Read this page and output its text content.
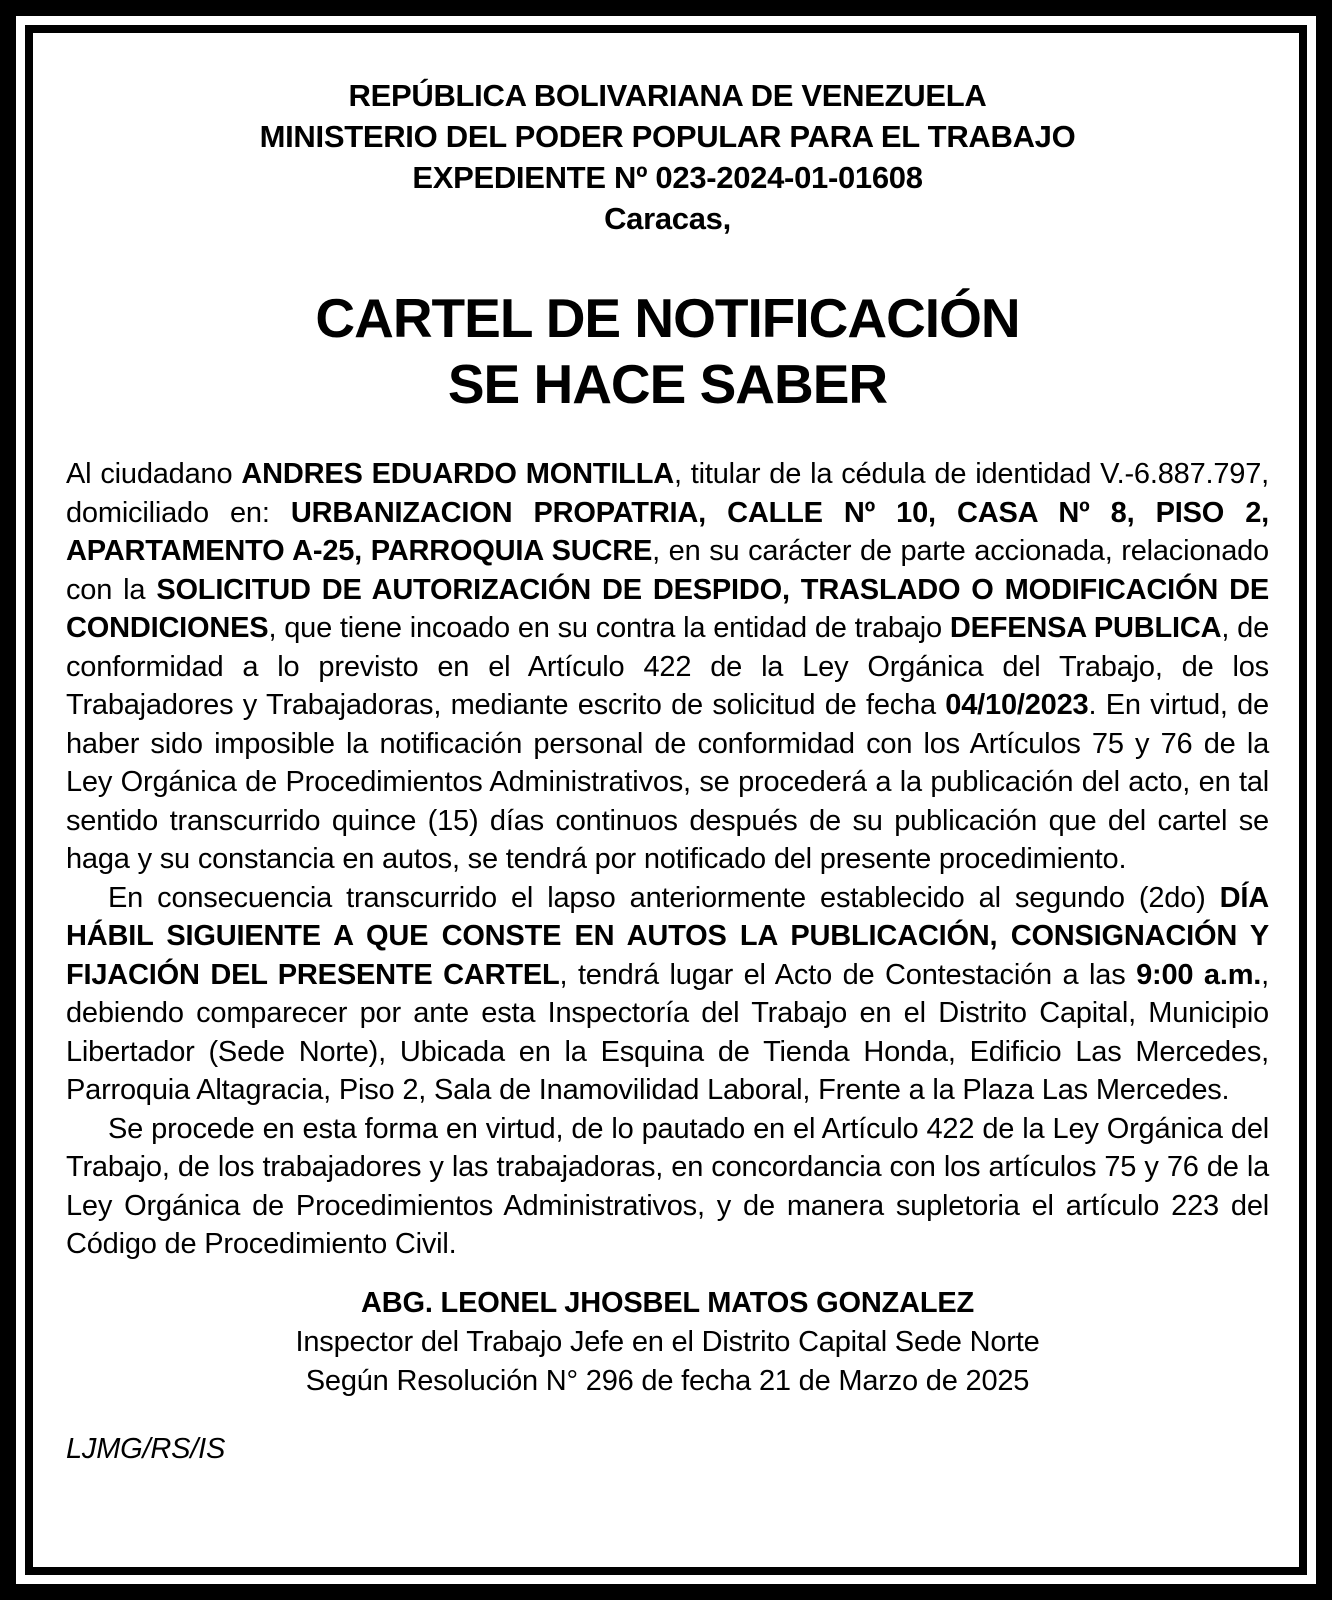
REPÚBLICA BOLIVARIANA DE VENEZUELA
MINISTERIO DEL PODER POPULAR PARA EL TRABAJO
EXPEDIENTE Nº 023-2024-01-01608
Caracas,
CARTEL DE NOTIFICACIÓN
SE HACE SABER

Al ciudadano ANDRES EDUARDO MONTILLA, titular de la cédula de identidad V.-6.887.797, domiciliado en: URBANIZACION PROPATRIA, CALLE Nº 10, CASA Nº 8, PISO 2, APARTAMENTO A-25, PARROQUIA SUCRE, en su carácter de parte accionada, relacionado con la SOLICITUD DE AUTORIZACIÓN DE DESPIDO, TRASLADO O MODIFICACIÓN DE CONDICIONES, que tiene incoado en su contra la entidad de trabajo DEFENSA PUBLICA, de conformidad a lo previsto en el Artículo 422 de la Ley Orgánica del Trabajo, de los Trabajadores y Trabajadoras, mediante escrito de solicitud de fecha 04/10/2023. En virtud, de haber sido imposible la notificación personal de conformidad con los Artículos 75 y 76 de la Ley Orgánica de Procedimientos Administrativos, se procederá a la publicación del acto, en tal sentido transcurrido quince (15) días continuos después de su publicación que del cartel se haga y su constancia en autos, se tendrá por notificado del presente procedimiento.

En consecuencia transcurrido el lapso anteriormente establecido al segundo (2do) DÍA HÁBIL SIGUIENTE A QUE CONSTE EN AUTOS LA PUBLICACIÓN, CONSIGNACIÓN Y FIJACIÓN DEL PRESENTE CARTEL, tendrá lugar el Acto de Contestación a las 9:00 a.m., debiendo comparecer por ante esta Inspectoría del Trabajo en el Distrito Capital, Municipio Libertador (Sede Norte), Ubicada en la Esquina de Tienda Honda, Edificio Las Mercedes, Parroquia Altagracia, Piso 2, Sala de Inamovilidad Laboral, Frente a la Plaza Las Mercedes.

Se procede en esta forma en virtud, de lo pautado en el Artículo 422 de la Ley Orgánica del Trabajo, de los trabajadores y las trabajadoras, en concordancia con los artículos 75 y 76 de la Ley Orgánica de Procedimientos Administrativos, y de manera supletoria el artículo 223 del Código de Procedimiento Civil.

ABG. LEONEL JHOSBEL MATOS GONZALEZ
Inspector del Trabajo Jefe en el Distrito Capital Sede Norte
Según Resolución N° 296 de fecha 21 de Marzo de 2025
LJMG/RS/IS
